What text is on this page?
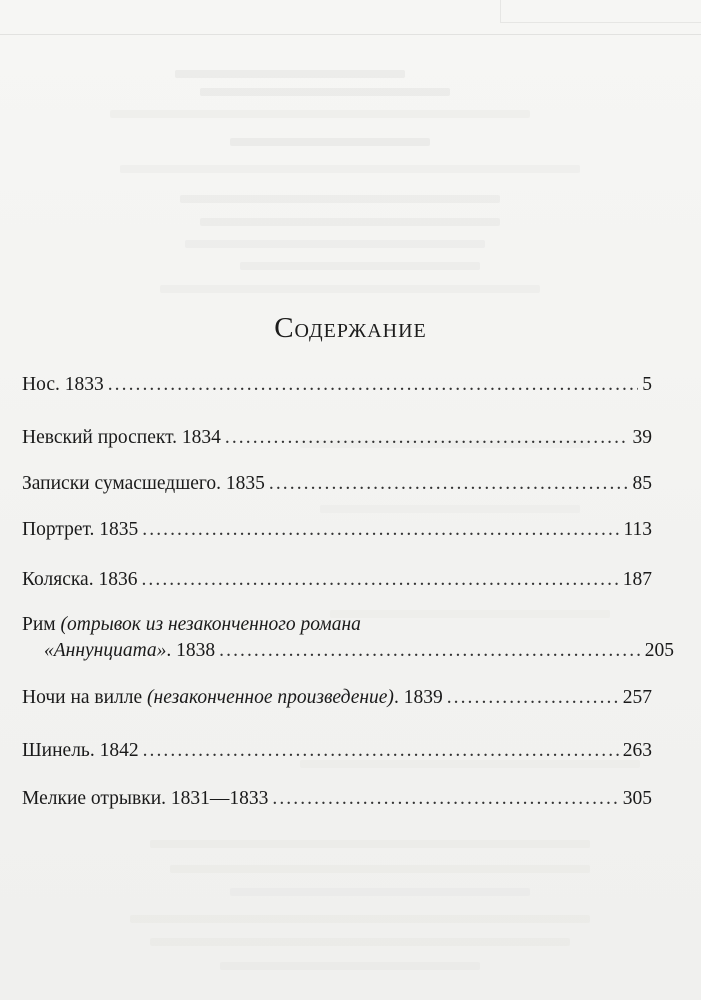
Содержание
Нос. 1833 . . .	5
Невский проспект. 1834 . . .	39
Записки сумасшедшего. 1835 . . .	85
Портрет. 1835 . . .	113
Коляска. 1836 . . .	187
Рим (отрывок из незаконченного романа
«Аннунциата». 1838 . . .	205
Ночи на вилле (незаконченное произведение). 1839 . . .	257
Шинель. 1842 . . .	263
Мелкие отрывки. 1831—1833 . . .	305
